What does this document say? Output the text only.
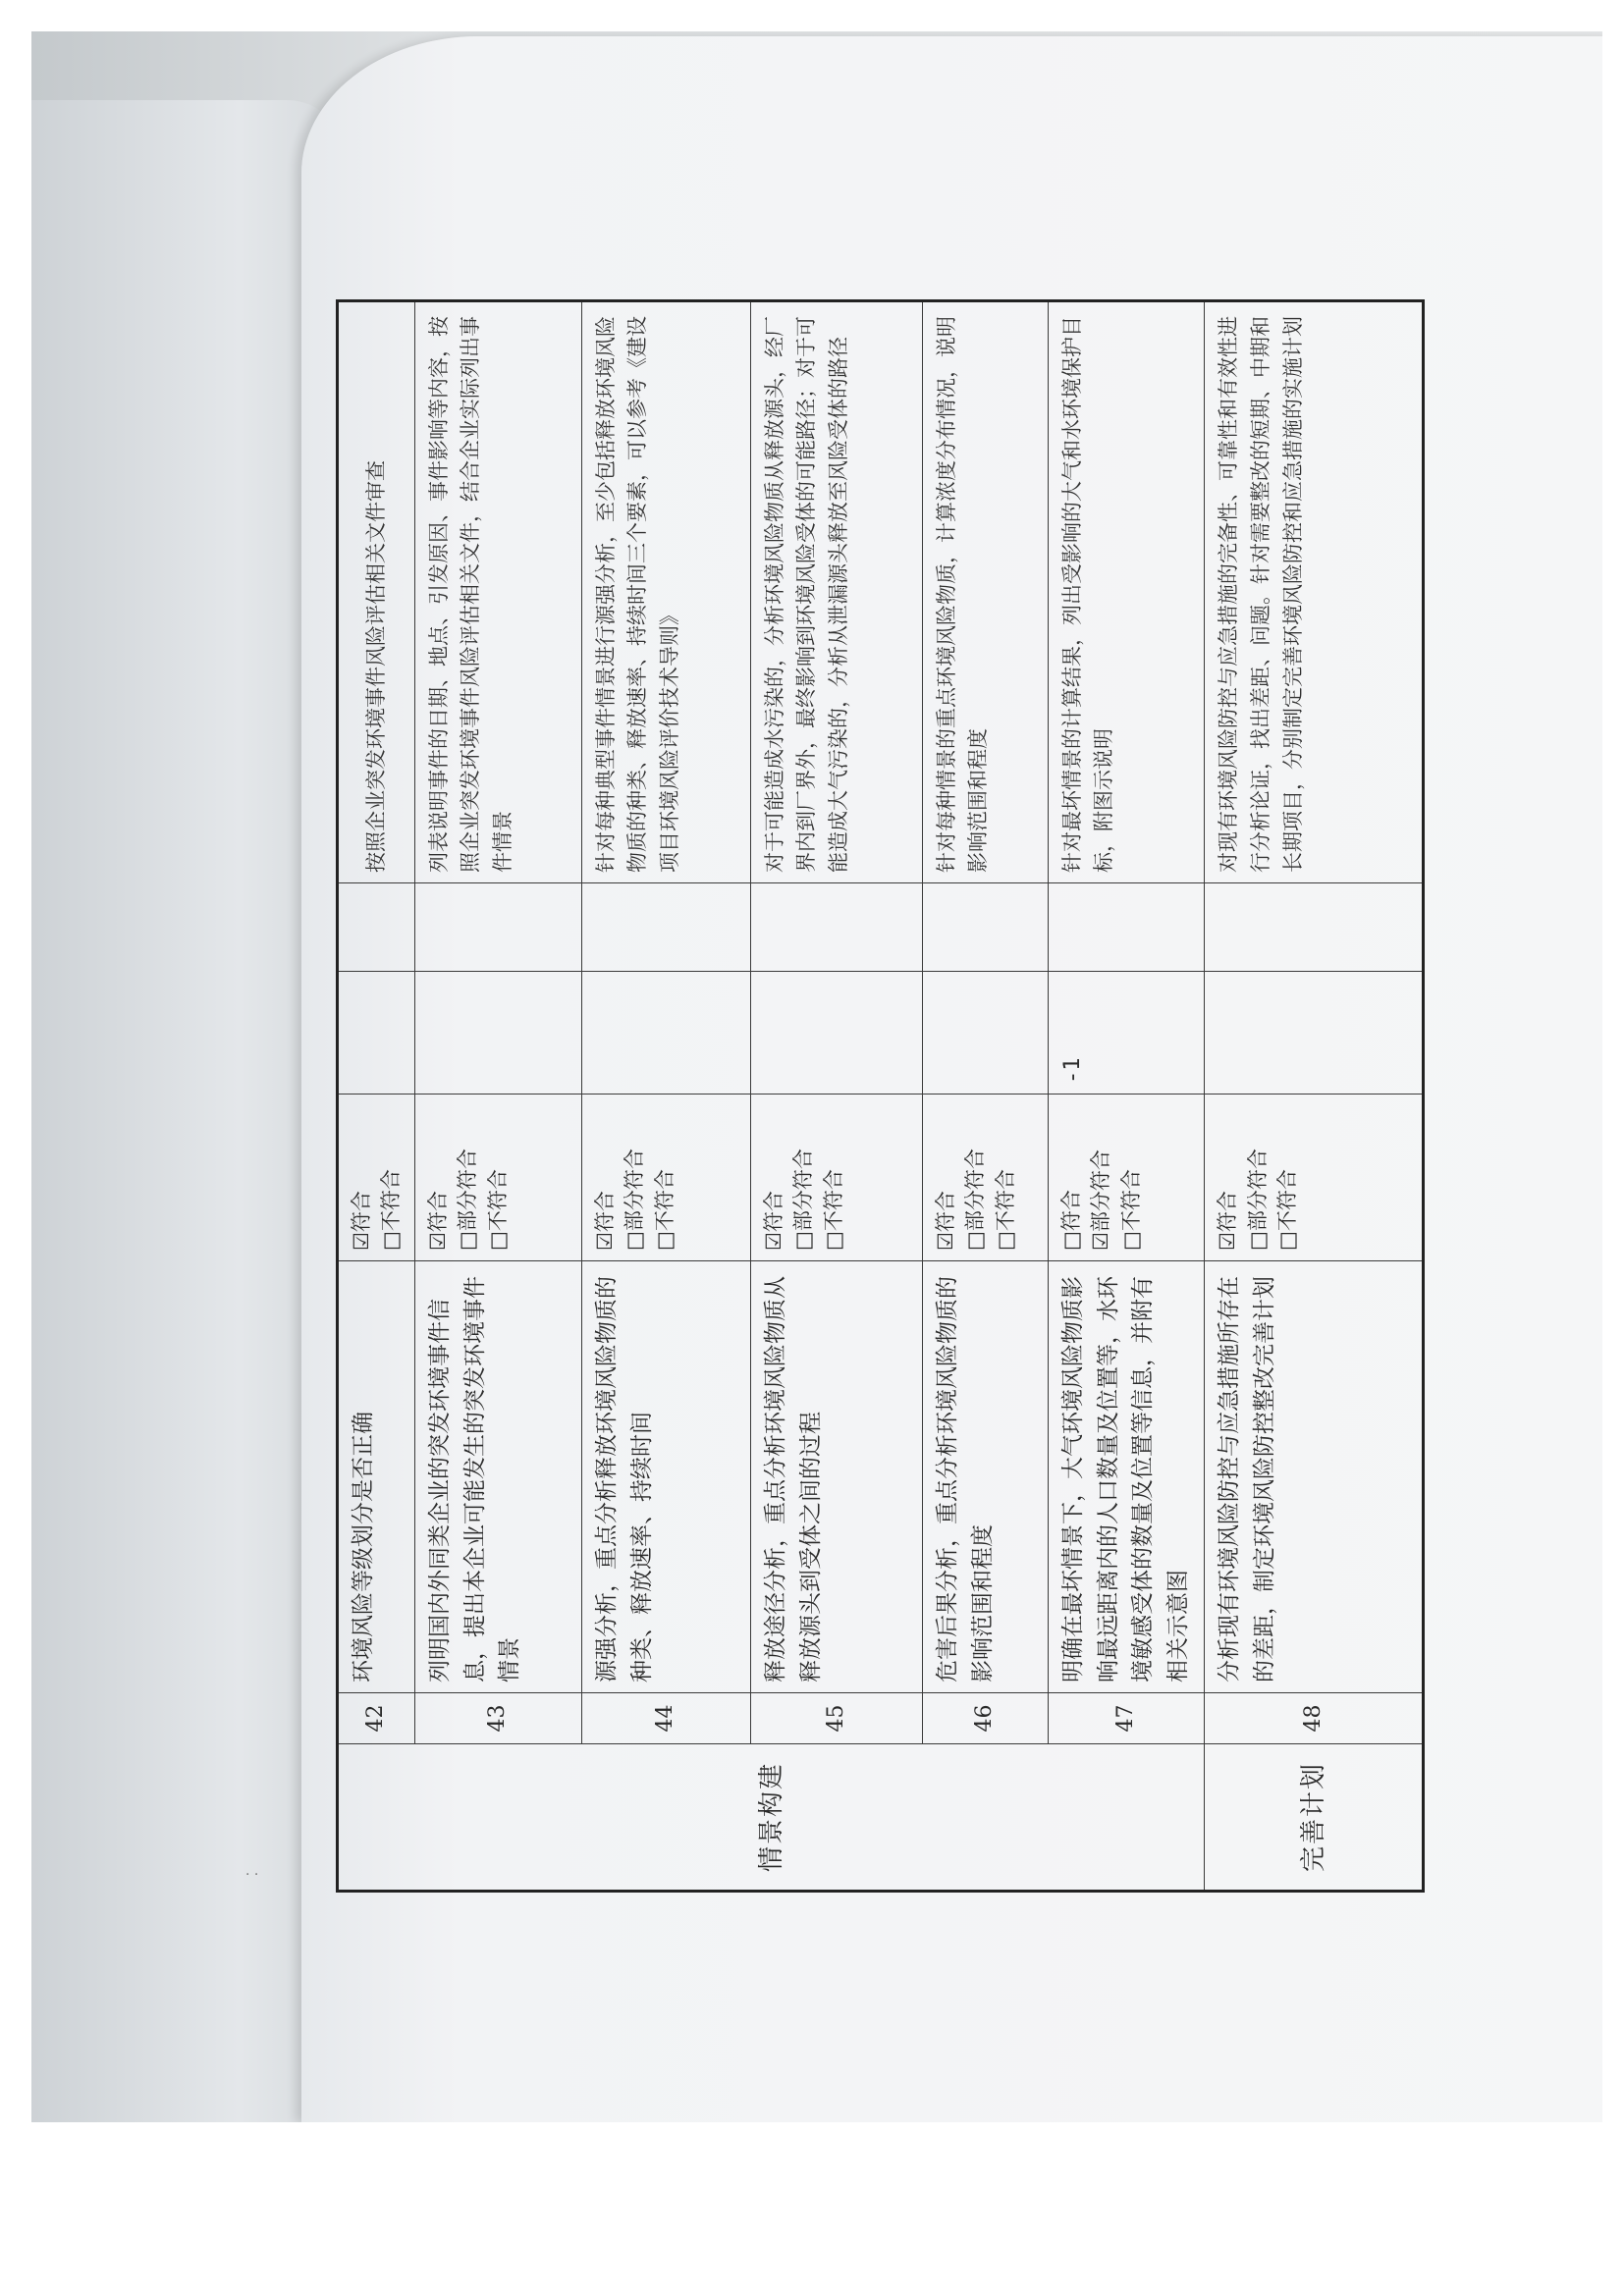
· ·
情景构建	42	环境风险等级划分是否正确	☑符合 □不符合			按照企业突发环境事件风险评估相关文件审查
	43	列明国内外同类企业的突发环境事件信息，提出本企业可能发生的突发环境事件情景	☑符合 □部分符合 □不符合			列表说明事件的日期、地点、引发原因、事件影响等内容，按照企业突发环境事件风险评估相关文件，结合企业实际列出事件情景
	44	源强分析，重点分析释放环境风险物质的种类、释放速率、持续时间	☑符合 □部分符合 □不符合			针对每种典型事件情景进行源强分析，至少包括释放环境风险物质的种类、释放速率、持续时间三个要素，可以参考《建设项目环境风险评价技术导则》
	45	释放途径分析，重点分析环境风险物质从释放源头到受体之间的过程	☑符合 □部分符合 □不符合			对于可能造成水污染的，分析环境风险物质从释放源头，经厂界内到厂界外，最终影响到环境风险受体的可能路径；对于可能造成大气污染的，分析从泄漏源头释放至风险受体的路径
	46	危害后果分析，重点分析环境风险物质的影响范围和程度	☑符合 □部分符合 □不符合			针对每种情景的重点环境风险物质，计算浓度分布情况，说明影响范围和程度
	47	明确在最坏情景下，大气环境风险物质影响最远距离内的人口数量及位置等，水环境敏感受体的数量及位置等信息，并附有相关示意图	□符合 ☑部分符合 □不符合	-1		针对最坏情景的计算结果，列出受影响的大气和水环境保护目标，附图示说明
完善计划	48	分析现有环境风险防控与应急措施所存在的差距，制定环境风险防控整改完善计划	☑符合 □部分符合 □不符合			对现有环境风险防控与应急措施的完备性、可靠性和有效性进行分析论证，找出差距、问题。针对需要整改的短期、中期和长期项目，分别制定完善环境风险防控和应急措施的实施计划
